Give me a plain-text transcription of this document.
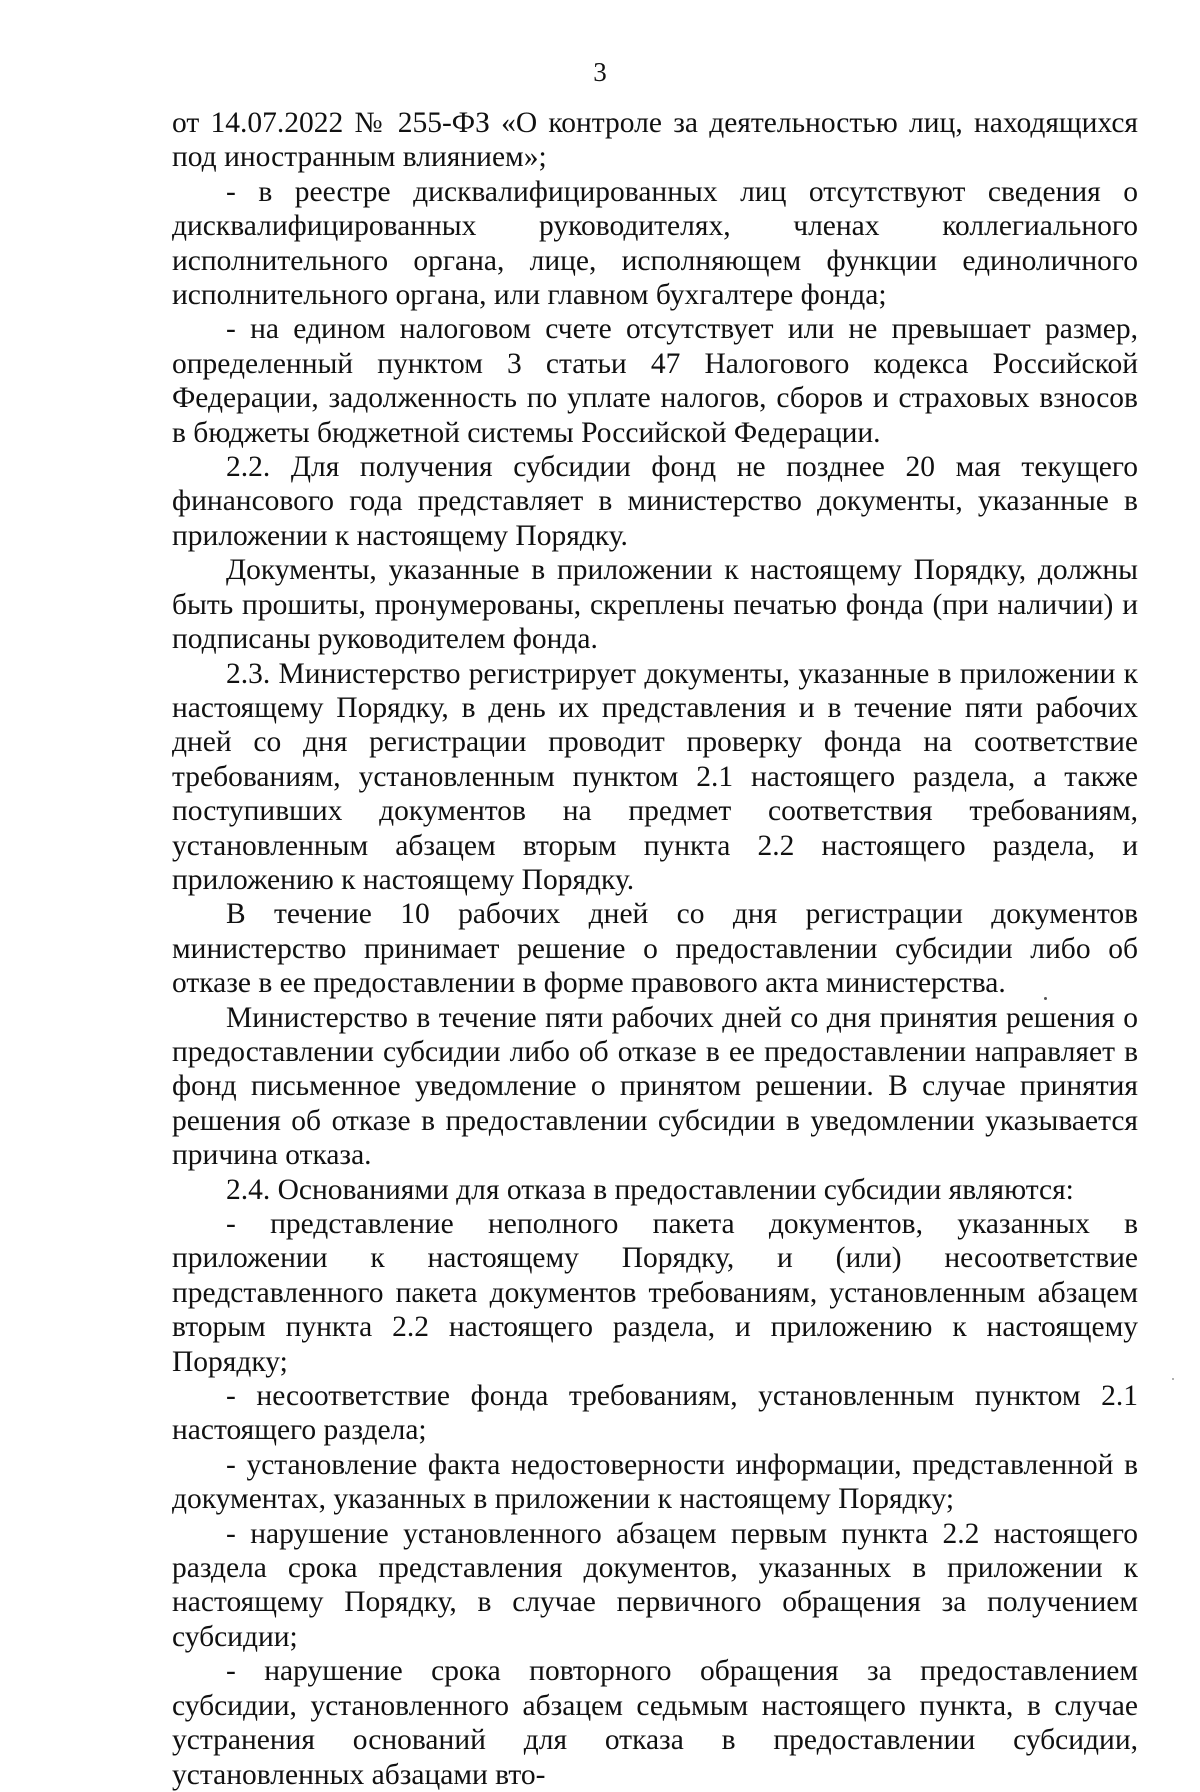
3

от 14.07.2022 № 255-ФЗ «О контроле за деятельностью лиц, находящихся под иностранным влиянием»;

- в реестре дисквалифицированных лиц отсутствуют сведения о дисквалифицированных руководителях, членах коллегиального исполнительного органа, лице, исполняющем функции единоличного исполнительного органа, или главном бухгалтере фонда;

- на едином налоговом счете отсутствует или не превышает размер, определенный пунктом 3 статьи 47 Налогового кодекса Российской Федерации, задолженность по уплате налогов, сборов и страховых взносов в бюджеты бюджетной системы Российской Федерации.

2.2. Для получения субсидии фонд не позднее 20 мая текущего финансового года представляет в министерство документы, указанные в приложении к настоящему Порядку.

Документы, указанные в приложении к настоящему Порядку, должны быть прошиты, пронумерованы, скреплены печатью фонда (при наличии) и подписаны руководителем фонда.

2.3. Министерство регистрирует документы, указанные в приложении к настоящему Порядку, в день их представления и в течение пяти рабочих дней со дня регистрации проводит проверку фонда на соответствие требованиям, установленным пунктом 2.1 настоящего раздела, а также поступивших документов на предмет соответствия требованиям, установленным абзацем вторым пункта 2.2 настоящего раздела, и приложению к настоящему Порядку.

В течение 10 рабочих дней со дня регистрации документов министерство принимает решение о предоставлении субсидии либо об отказе в ее предоставлении в форме правового акта министерства.

Министерство в течение пяти рабочих дней со дня принятия решения о предоставлении субсидии либо об отказе в ее предоставлении направляет в фонд письменное уведомление о принятом решении. В случае принятия решения об отказе в предоставлении субсидии в уведомлении указывается причина отказа.

2.4. Основаниями для отказа в предоставлении субсидии являются:

- представление неполного пакета документов, указанных в приложении к настоящему Порядку, и (или) несоответствие представленного пакета документов требованиям, установленным абзацем вторым пункта 2.2 настоящего раздела, и приложению к настоящему Порядку;

- несоответствие фонда требованиям, установленным пунктом 2.1 настоящего раздела;

- установление факта недостоверности информации, представленной в документах, указанных в приложении к настоящему Порядку;

- нарушение установленного абзацем первым пункта 2.2 настоящего раздела срока представления документов, указанных в приложении к настоящему Порядку, в случае первичного обращения за получением субсидии;

- нарушение срока повторного обращения за предоставлением субсидии, установленного абзацем седьмым настоящего пункта, в случае устранения оснований для отказа в предоставлении субсидии, установленных абзацами вто-
